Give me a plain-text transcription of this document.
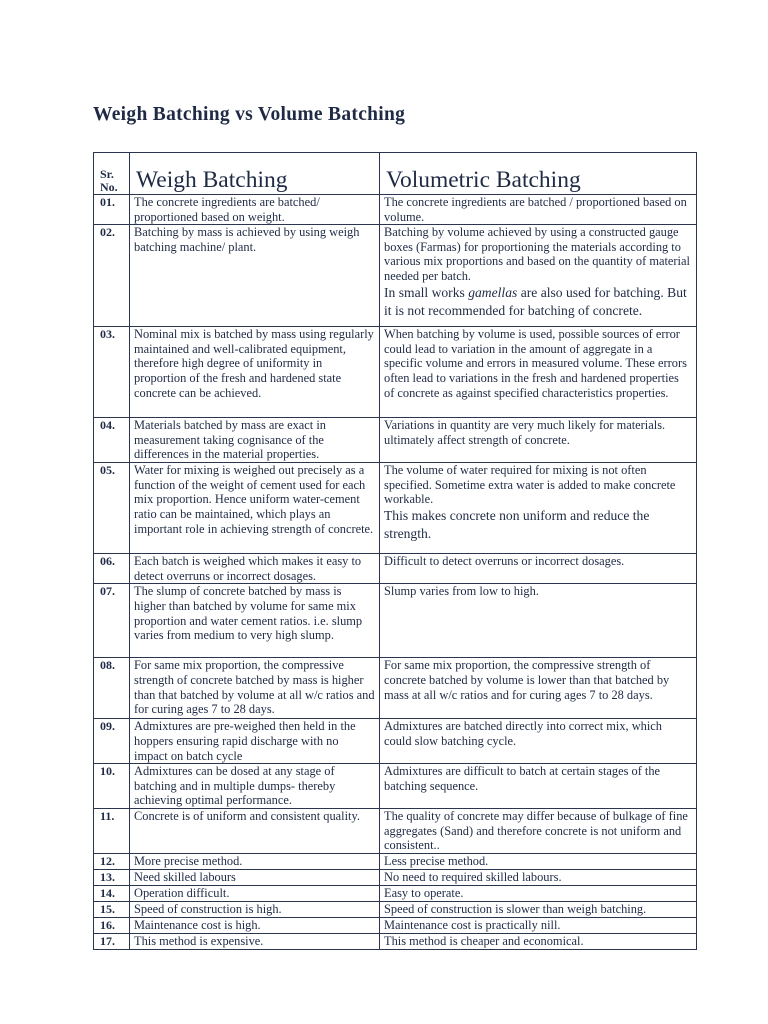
Weigh Batching vs Volume Batching
Sr. No.	Weigh Batching	Volumetric Batching
01.	The concrete ingredients are batched/ proportioned based on weight.	The concrete ingredients are batched / proportioned based on volume.

02.	Batching by mass is achieved by using weigh batching machine/ plant.	Batching by volume achieved by using a constructed gauge boxes (Farmas) for proportioning the materials according to various mix proportions and based on the quantity of material needed per batch.
In small works gamellas are also used for batching. But it is not recommended for batching of concrete.

03.	Nominal mix is batched by mass using regularly maintained and well-calibrated equipment, therefore high degree of uniformity in proportion of the fresh and hardened state concrete can be achieved.	When batching by volume is used, possible sources of error could lead to variation in the amount of aggregate in a specific volume and errors in measured volume. These errors often lead to variations in the fresh and hardened properties of concrete as against specified characteristics properties.

04.	Materials batched by mass are exact in measurement taking cognisance of the differences in the material properties.	Variations in quantity are very much likely for materials. ultimately affect strength of concrete.

05.	Water for mixing is weighed out precisely as a function of the weight of cement used for each mix proportion. Hence uniform water-cement ratio can be maintained, which plays an important role in achieving strength of concrete.	The volume of water required for mixing is not often specified. Sometime extra water is added to make concrete workable.
This makes concrete non uniform and reduce the strength.

06.	Each batch is weighed which makes it easy to detect overruns or incorrect dosages.	Difficult to detect overruns or incorrect dosages.

07.	The slump of concrete batched by mass is higher than batched by volume for same mix proportion and water cement ratios. i.e. slump varies from medium to very high slump.	Slump varies from low to high.

08.	For same mix proportion, the compressive strength of concrete batched by mass is higher than that batched by volume at all w/c ratios and for curing ages 7 to 28 days.	For same mix proportion, the compressive strength of concrete batched by volume is lower than that batched by mass at all w/c ratios and for curing ages 7 to 28 days.

09.	Admixtures are pre-weighed then held in the hoppers ensuring rapid discharge with no impact on batch cycle	Admixtures are batched directly into correct mix, which could slow batching cycle.

10.	Admixtures can be dosed at any stage of batching and in multiple dumps- thereby achieving optimal performance.	Admixtures are difficult to batch at certain stages of the batching sequence.

11.	Concrete is of uniform and consistent quality.	The quality of concrete may differ because of bulkage of fine aggregates (Sand) and therefore concrete is not uniform and consistent..

12.	More precise method.	Less precise method.

13.	Need skilled labours	No need to required skilled labours.

14.	Operation difficult.	Easy to operate.

15.	Speed of construction is high.	Speed of construction is slower than weigh batching.

16.	Maintenance cost is high.	Maintenance cost is practically nill.

17.	This method is expensive.	This method is cheaper and economical.
